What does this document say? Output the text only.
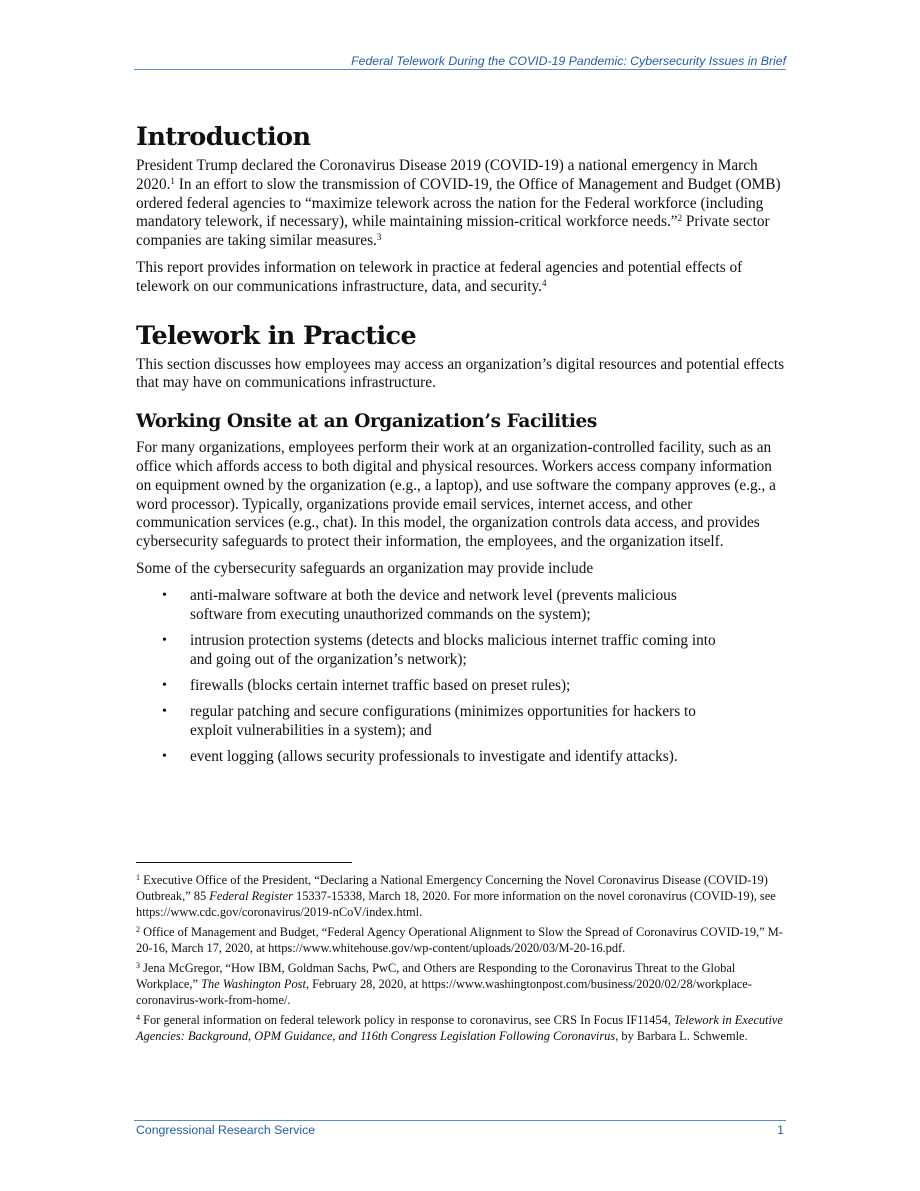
Federal Telework During the COVID-19 Pandemic: Cybersecurity Issues in Brief
Introduction

President Trump declared the Coronavirus Disease 2019 (COVID-19) a national emergency in March 2020.$^1$ In an effort to slow the transmission of COVID-19, the Office of Management and Budget (OMB) ordered federal agencies to “maximize telework across the nation for the Federal workforce (including mandatory telework, if necessary), while maintaining mission-critical workforce needs.”$^2$ Private sector companies are taking similar measures.$^3$

This report provides information on telework in practice at federal agencies and potential effects of telework on our communications infrastructure, data, and security.$^4$

Telework in Practice

This section discusses how employees may access an organization’s digital resources and potential effects that may have on communications infrastructure.

Working Onsite at an Organization’s Facilities

For many organizations, employees perform their work at an organization-controlled facility, such as an office which affords access to both digital and physical resources. Workers access company information on equipment owned by the organization (e.g., a laptop), and use software the company approves (e.g., a word processor). Typically, organizations provide email services, internet access, and other communication services (e.g., chat). In this model, the organization controls data access, and provides cybersecurity safeguards to protect their information, the employees, and the organization itself.

Some of the cybersecurity safeguards an organization may provide include

• anti-malware software at both the device and network level (prevents malicious software from executing unauthorized commands on the system);
• intrusion protection systems (detects and blocks malicious internet traffic coming into and going out of the organization’s network);
• firewalls (blocks certain internet traffic based on preset rules);
• regular patching and secure configurations (minimizes opportunities for hackers to exploit vulnerabilities in a system); and
• event logging (allows security professionals to investigate and identify attacks).
$^1$ Executive Office of the President, “Declaring a National Emergency Concerning the Novel Coronavirus Disease (COVID-19) Outbreak,” 85 Federal Register 15337-15338, March 18, 2020. For more information on the novel coronavirus (COVID-19), see https://www.cdc.gov/coronavirus/2019-nCoV/index.html.
$^2$ Office of Management and Budget, “Federal Agency Operational Alignment to Slow the Spread of Coronavirus COVID-19,” M-20-16, March 17, 2020, at https://www.whitehouse.gov/wp-content/uploads/2020/03/M-20-16.pdf.
$^3$ Jena McGregor, “How IBM, Goldman Sachs, PwC, and Others are Responding to the Coronavirus Threat to the Global Workplace,” The Washington Post, February 28, 2020, at https://www.washingtonpost.com/business/2020/02/28/workplace-coronavirus-work-from-home/.
$^4$ For general information on federal telework policy in response to coronavirus, see CRS In Focus IF11454, Telework in Executive Agencies: Background, OPM Guidance, and 116th Congress Legislation Following Coronavirus, by Barbara L. Schwemle.
Congressional Research Service	1
